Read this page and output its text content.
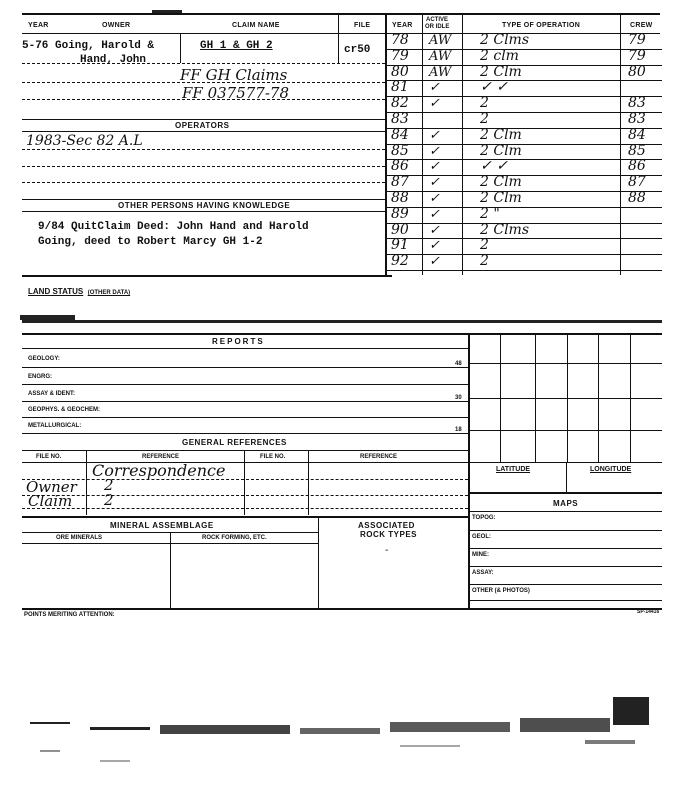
YEAR	OWNER	CLAIM NAME	FILE	YEAR
ACTIVE
OR IDLE	TYPE OF OPERATION	CREW
5-76 Going, Harold &
Hand, John
GH 1 & GH 2	cr50
FF GH Claims
FF 037577-78
OPERATORS
1983-Sec 82 A.L
OTHER PERSONS HAVING KNOWLEDGE
9/84 QuitClaim Deed: John Hand and Harold
Going, deed to Robert Marcy GH 1-2
78 AW 2 Clms	79
79 AW 2 clm	79
80 AW 2 Clm	80
81 ✓	✓ ✓
82 ✓	2	83
83	2	83
84 ✓	2 Clm	84
85 ✓	2 Clm	85
86 ✓	✓ ✓	86
87 ✓	2 Clm	87
88 ✓	2 Clm	88
89 ✓	2 "
90 ✓	2 Clms
91 ✓	2
92 ✓	2
LAND STATUS (OTHER DATA)
REPORTS
GEOLOGY:
48
ENGRG:
ASSAY & IDENT:
30
GEOPHYS. & GEOCHEM:
METALLURGICAL:
18
GENERAL REFERENCES
FILE NO.	REFERENCE	FILE NO.	REFERENCE
Correspondence
Owner 2
Claim 2
LATITUDE	LONGITUDE
MAPS
TOPOG:
GEOL:
MINE:
ASSAY:
OTHER (& PHOTOS)
MINERAL ASSEMBLAGE	ASSOCIATED
ROCK TYPES
ORE MINERALS	ROCK FORMING, ETC.
-
POINTS MERITING ATTENTION:	SP-14416
